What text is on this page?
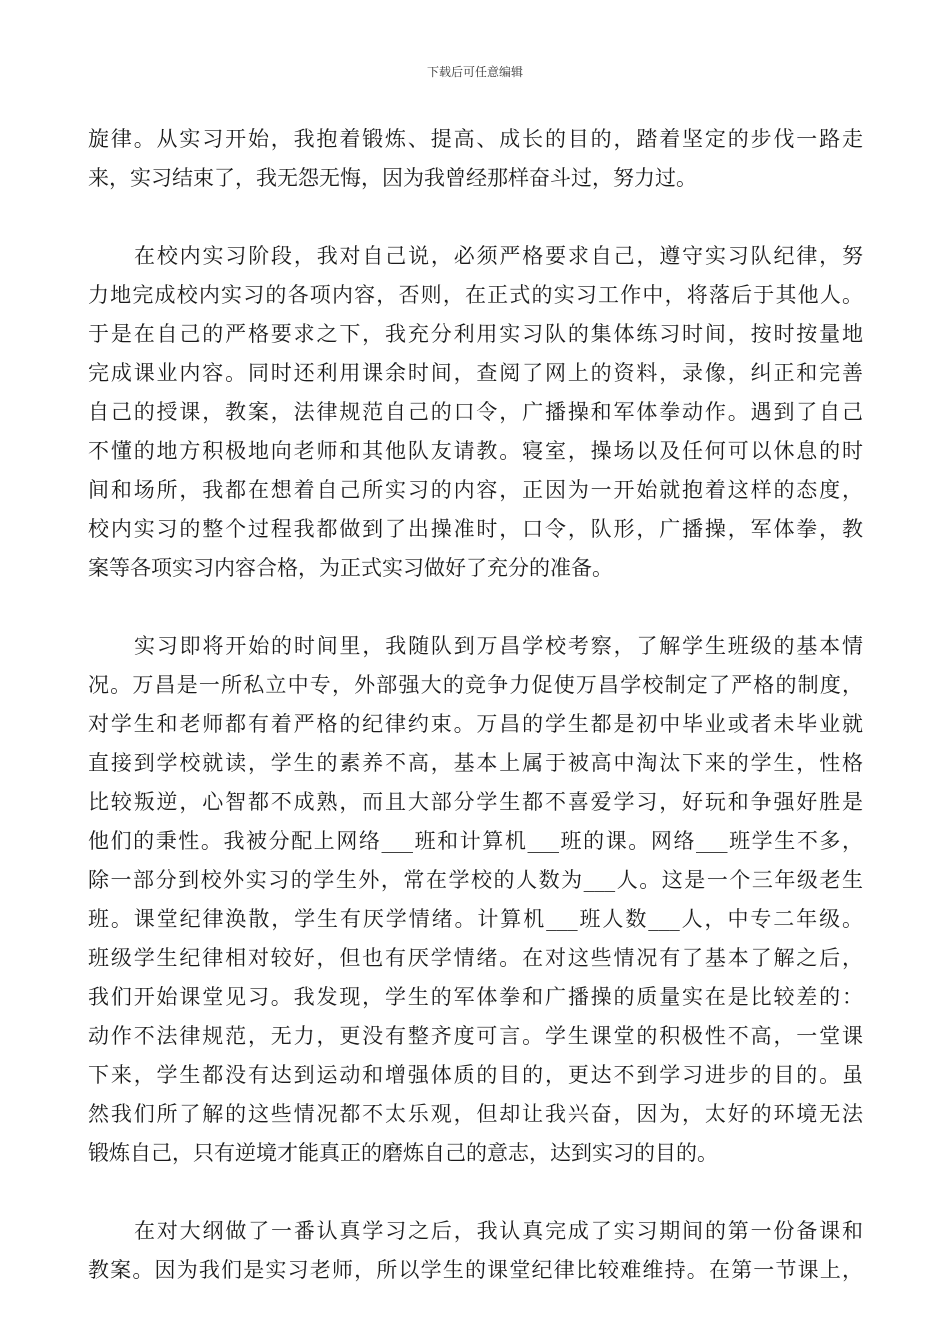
下载后可任意编辑
旋律。从实习开始，我抱着锻炼、提高、成长的目的，踏着坚定的步伐一路走
来，实习结束了，我无怨无悔，因为我曾经那样奋斗过，努力过。
在校内实习阶段，我对自己说，必须严格要求自己，遵守实习队纪律，努
力地完成校内实习的各项内容，否则，在正式的实习工作中，将落后于其他人。
于是在自己的严格要求之下，我充分利用实习队的集体练习时间，按时按量地
完成课业内容。同时还利用课余时间，查阅了网上的资料，录像，纠正和完善
自己的授课，教案，法律规范自己的口令，广播操和军体拳动作。遇到了自己
不懂的地方积极地向老师和其他队友请教。寝室，操场以及任何可以休息的时
间和场所，我都在想着自己所实习的内容，正因为一开始就抱着这样的态度，
校内实习的整个过程我都做到了出操准时，口令，队形，广播操，军体拳，教
案等各项实习内容合格，为正式实习做好了充分的准备。
实习即将开始的时间里，我随队到万昌学校考察，了解学生班级的基本情
况。万昌是一所私立中专，外部强大的竞争力促使万昌学校制定了严格的制度，
对学生和老师都有着严格的纪律约束。万昌的学生都是初中毕业或者未毕业就
直接到学校就读，学生的素养不高，基本上属于被高中淘汰下来的学生，性格
比较叛逆，心智都不成熟，而且大部分学生都不喜爱学习，好玩和争强好胜是
他们的秉性。我被分配上网络___班和计算机___班的课。网络___班学生不多，
除一部分到校外实习的学生外，常在学校的人数为___人。这是一个三年级老生
班。课堂纪律涣散，学生有厌学情绪。计算机___班人数___人，中专二年级。
班级学生纪律相对较好，但也有厌学情绪。在对这些情况有了基本了解之后，
我们开始课堂见习。我发现，学生的军体拳和广播操的质量实在是比较差的：
动作不法律规范，无力，更没有整齐度可言。学生课堂的积极性不高，一堂课
下来，学生都没有达到运动和增强体质的目的，更达不到学习进步的目的。虽
然我们所了解的这些情况都不太乐观，但却让我兴奋，因为，太好的环境无法
锻炼自己，只有逆境才能真正的磨炼自己的意志，达到实习的目的。
在对大纲做了一番认真学习之后，我认真完成了实习期间的第一份备课和
教案。因为我们是实习老师，所以学生的课堂纪律比较难维持。在第一节课上，
